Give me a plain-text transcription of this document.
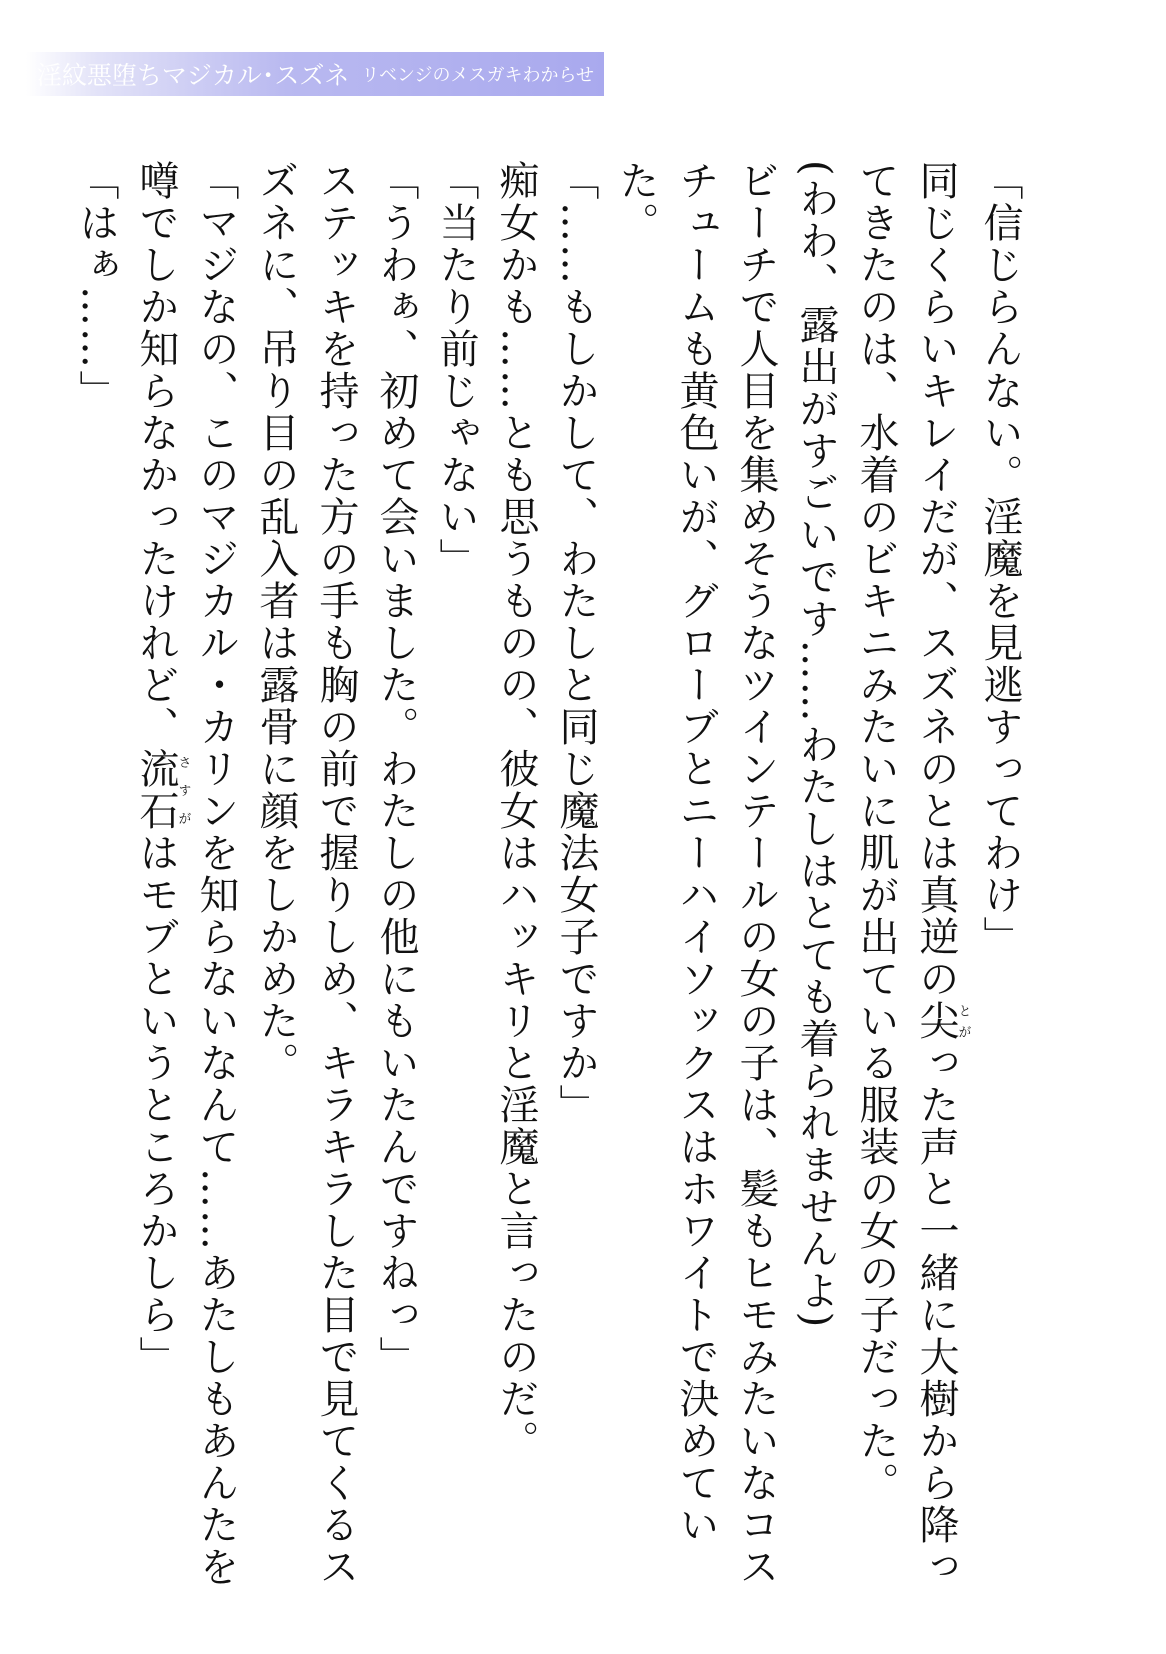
淫紋悪堕ちマジカル･スズネ リベンジのメスガキわからせ

「信じらんない。淫魔を見逃すってわけ」

同じくらいキレイだが、スズネのとは真逆の尖とがった声と一緒に大樹から降ってきたのは、水着のビキニみたいに肌が出ている服装の女の子だった。

(わわ、露出がすごいです……わたしはとても着られませんよ)

ビーチで人目を集めそうなツインテールの女の子は、髪もヒモみたいなコスチュームも黄色いが、グローブとニーハイソックスはホワイトで決めていた。

「……もしかして、わたしと同じ魔法女子ですか」

痴女かも……とも思うものの、彼女はハッキリと淫魔と言ったのだ。

「当たり前じゃない」

「うわぁ、初めて会いました。わたしの他にもいたんですねっ」

ステッキを持った方の手も胸の前で握りしめ、キラキラした目で見てくるスズネに、吊り目の乱入者は露骨に顔をしかめた。

「マジなの、このマジカル・カリンを知らないなんて……あたしもあんたを噂でしか知らなかったけれど、流石さすがはモブというところかしら」

「はぁ……」
